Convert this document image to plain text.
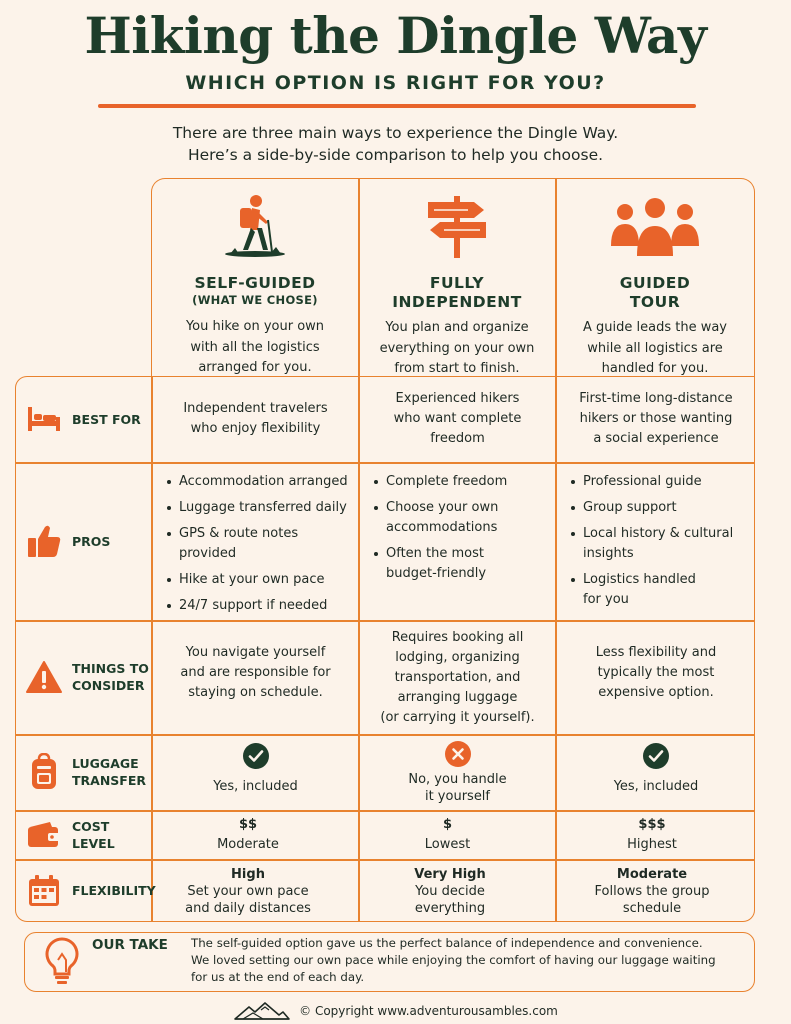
Hiking the Dingle Way
WHICH OPTION IS RIGHT FOR YOU?
There are three main ways to experience the Dingle Way.
Here’s a side-by-side comparison to help you choose.
SELF-GUIDED
(WHAT WE CHOSE)
You hike on your own
with all the logistics
arranged for you.
FULLY
INDEPENDENT
You plan and organize
everything on your own
from start to finish.
GUIDED
TOUR
A guide leads the way
while all logistics are
handled for you.
BEST FOR
Independent travelers
who enjoy flexibility
Experienced hikers
who want complete
freedom
First-time long-distance
hikers or those wanting
a social experience
PROS
Accommodation arranged
Luggage transferred daily
GPS & route notes provided
Hike at your own pace
24/7 support if needed
Complete freedom
Choose your own
accommodations
Often the most
budget-friendly
Professional guide
Group support
Local history & cultural
insights
Logistics handled
for you
THINGS TO
CONSIDER
You navigate yourself
and are responsible for
staying on schedule.
Requires booking all
lodging, organizing
transportation, and
arranging luggage
(or carrying it yourself).
Less flexibility and
typically the most
expensive option.
LUGGAGE
TRANSFER	Yes, included	No, you handle
it yourself
Yes, included
COST
LEVEL
$$
Moderate
$
Lowest
$$$
Highest
FLEXIBILITY
High
Set your own pace
and daily distances
Very High
You decide
everything
Moderate
Follows the group
schedule
OUR TAKE The self-guided option gave us the perfect balance of independence and convenience.
We loved setting our own pace while enjoying the comfort of having our luggage waiting
for us at the end of each day.
© Copyright www.adventurousambles.com
